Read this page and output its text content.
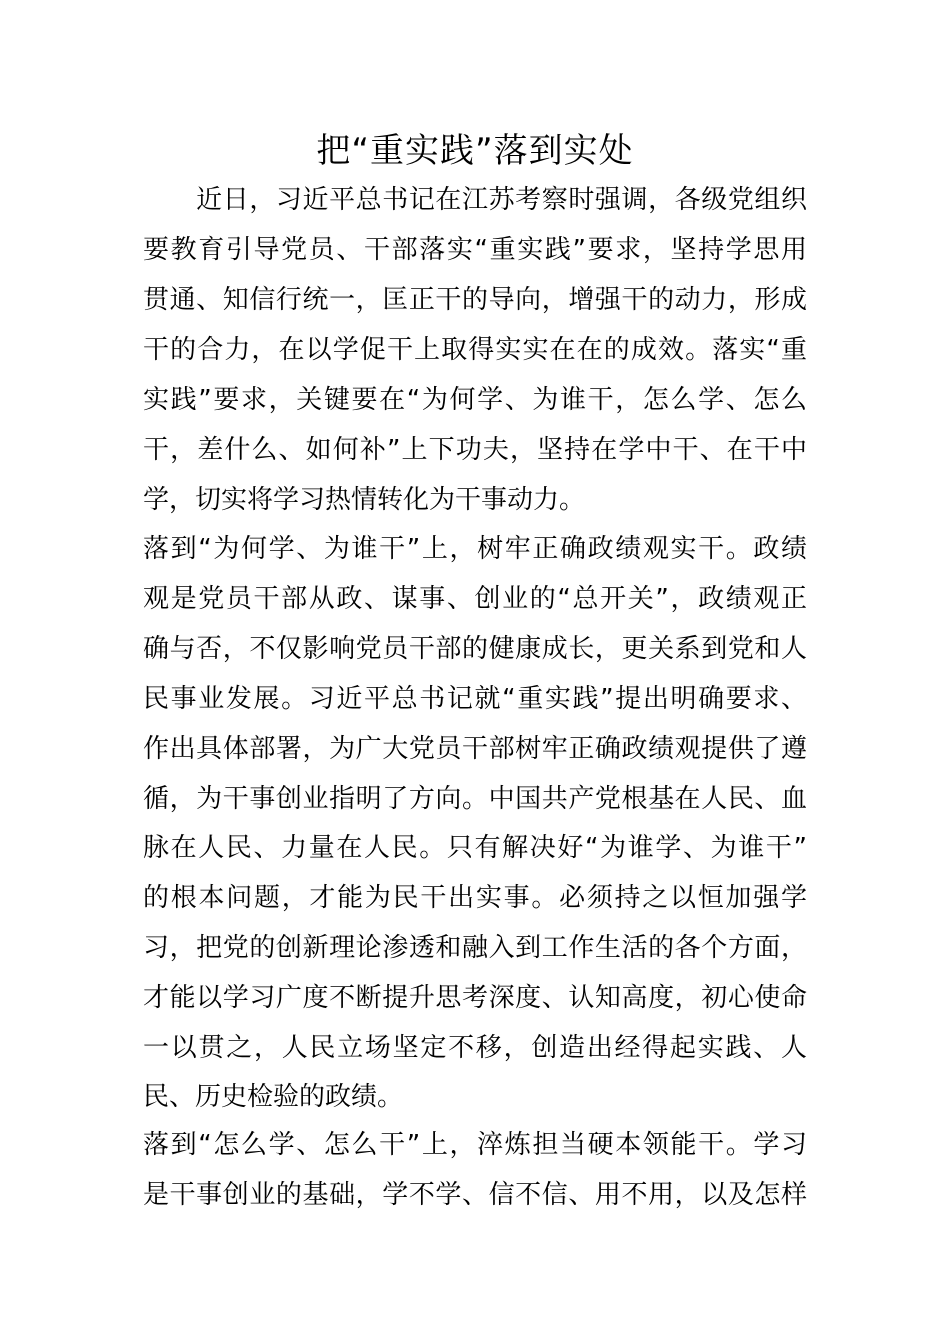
把“重实践”落到实处
　　近日，习近平总书记在江苏考察时强调，各级党组织
要教育引导党员、干部落实“重实践”要求，坚持学思用
贯通、知信行统一，匡正干的导向，增强干的动力，形成
干的合力，在以学促干上取得实实在在的成效。落实“重
实践”要求，关键要在“为何学、为谁干，怎么学、怎么
干，差什么、如何补”上下功夫，坚持在学中干、在干中
学，切实将学习热情转化为干事动力。
落到“为何学、为谁干”上，树牢正确政绩观实干。政绩
观是党员干部从政、谋事、创业的“总开关”，政绩观正
确与否，不仅影响党员干部的健康成长，更关系到党和人
民事业发展。习近平总书记就“重实践”提出明确要求、
作出具体部署，为广大党员干部树牢正确政绩观提供了遵
循，为干事创业指明了方向。中国共产党根基在人民、血
脉在人民、力量在人民。只有解决好“为谁学、为谁干”
的根本问题，才能为民干出实事。必须持之以恒加强学
习，把党的创新理论渗透和融入到工作生活的各个方面，
才能以学习广度不断提升思考深度、认知高度，初心使命
一以贯之，人民立场坚定不移，创造出经得起实践、人
民、历史检验的政绩。
落到“怎么学、怎么干”上，淬炼担当硬本领能干。学习
是干事创业的基础，学不学、信不信、用不用，以及怎样
